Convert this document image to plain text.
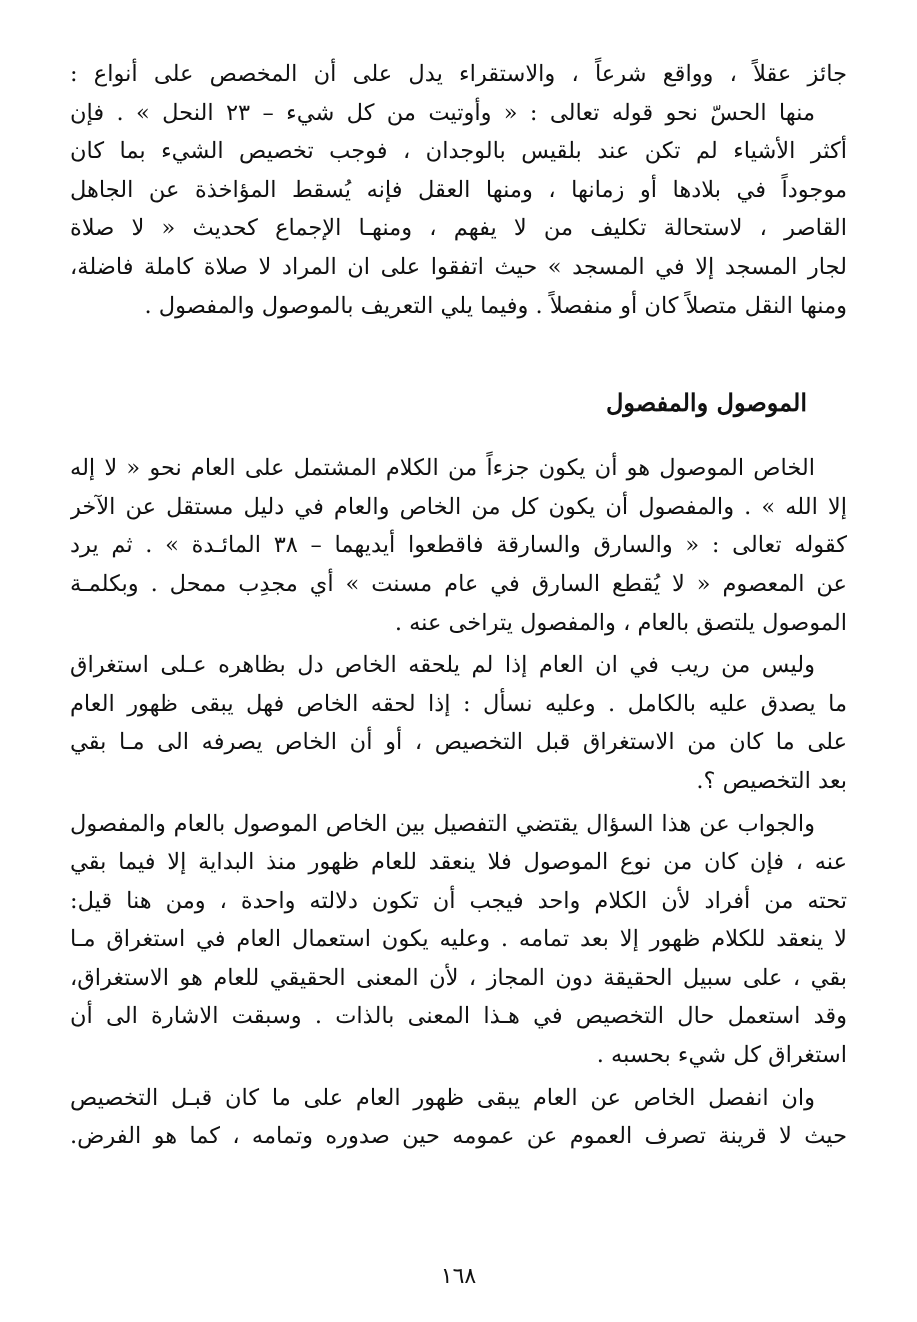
جائز عقلاً ، وواقع شرعاً ، والاستقراء يدل على أن المخصص على أنواع :
منها الحسّ نحو قوله تعالى : « وأوتيت من كل شيء – ٢٣ النحل » . فإن
أكثر الأشياء لم تكن عند بلقيس بالوجدان ، فوجب تخصيص الشيء بما كان
موجوداً في بلادها أو زمانها ، ومنها العقل فإنه يُسقط المؤاخذة عن الجاهل
القاصر ، لاستحالة تكليف من لا يفهم ، ومنهـا الإجماع كحديث « لا صلاة
لجار المسجد إلا في المسجد » حيث اتفقوا على ان المراد لا صلاة كاملة فاضلة،
ومنها النقل متصلاً كان أو منفصلاً . وفيما يلي التعريف بالموصول والمفصول .
الموصول والمفصول
الخاص الموصول هو أن يكون جزءاً من الكلام المشتمل على العام نحو « لا إله
إلا الله » . والمفصول أن يكون كل من الخاص والعام في دليل مستقل عن الآخر
كقوله تعالى : « والسارق والسارقة فاقطعوا أيديهما – ٣٨ المائـدة » . ثم يرد
عن المعصوم « لا يُقطع السارق في عام مسنت » أي مجدِب ممحل . وبكلمـة
الموصول يلتصق بالعام ، والمفصول يتراخى عنه .
وليس من ريب في ان العام إذا لم يلحقه الخاص دل بظاهره عـلى استغراق
ما يصدق عليه بالكامل . وعليه نسأل : إذا لحقه الخاص فهل يبقى ظهور العام
على ما كان من الاستغراق قبل التخصيص ، أو أن الخاص يصرفه الى مـا بقي
بعد التخصيص ؟.
والجواب عن هذا السؤال يقتضي التفصيل بين الخاص الموصول بالعام والمفصول
عنه ، فإن كان من نوع الموصول فلا ينعقد للعام ظهور منذ البداية إلا فيما بقي
تحته من أفراد لأن الكلام واحد فيجب أن تكون دلالته واحدة ، ومن هنا قيل:
لا ينعقد للكلام ظهور إلا بعد تمامه . وعليه يكون استعمال العام في استغراق مـا
بقي ، على سبيل الحقيقة دون المجاز ، لأن المعنى الحقيقي للعام هو الاستغراق،
وقد استعمل حال التخصيص في هـذا المعنى بالذات . وسبقت الاشارة الى أن
استغراق كل شيء بحسبه .
وان انفصل الخاص عن العام يبقى ظهور العام على ما كان قبـل التخصيص
حيث لا قرينة تصرف العموم عن عمومه حين صدوره وتمامه ، كما هو الفرض.
١٦٨
